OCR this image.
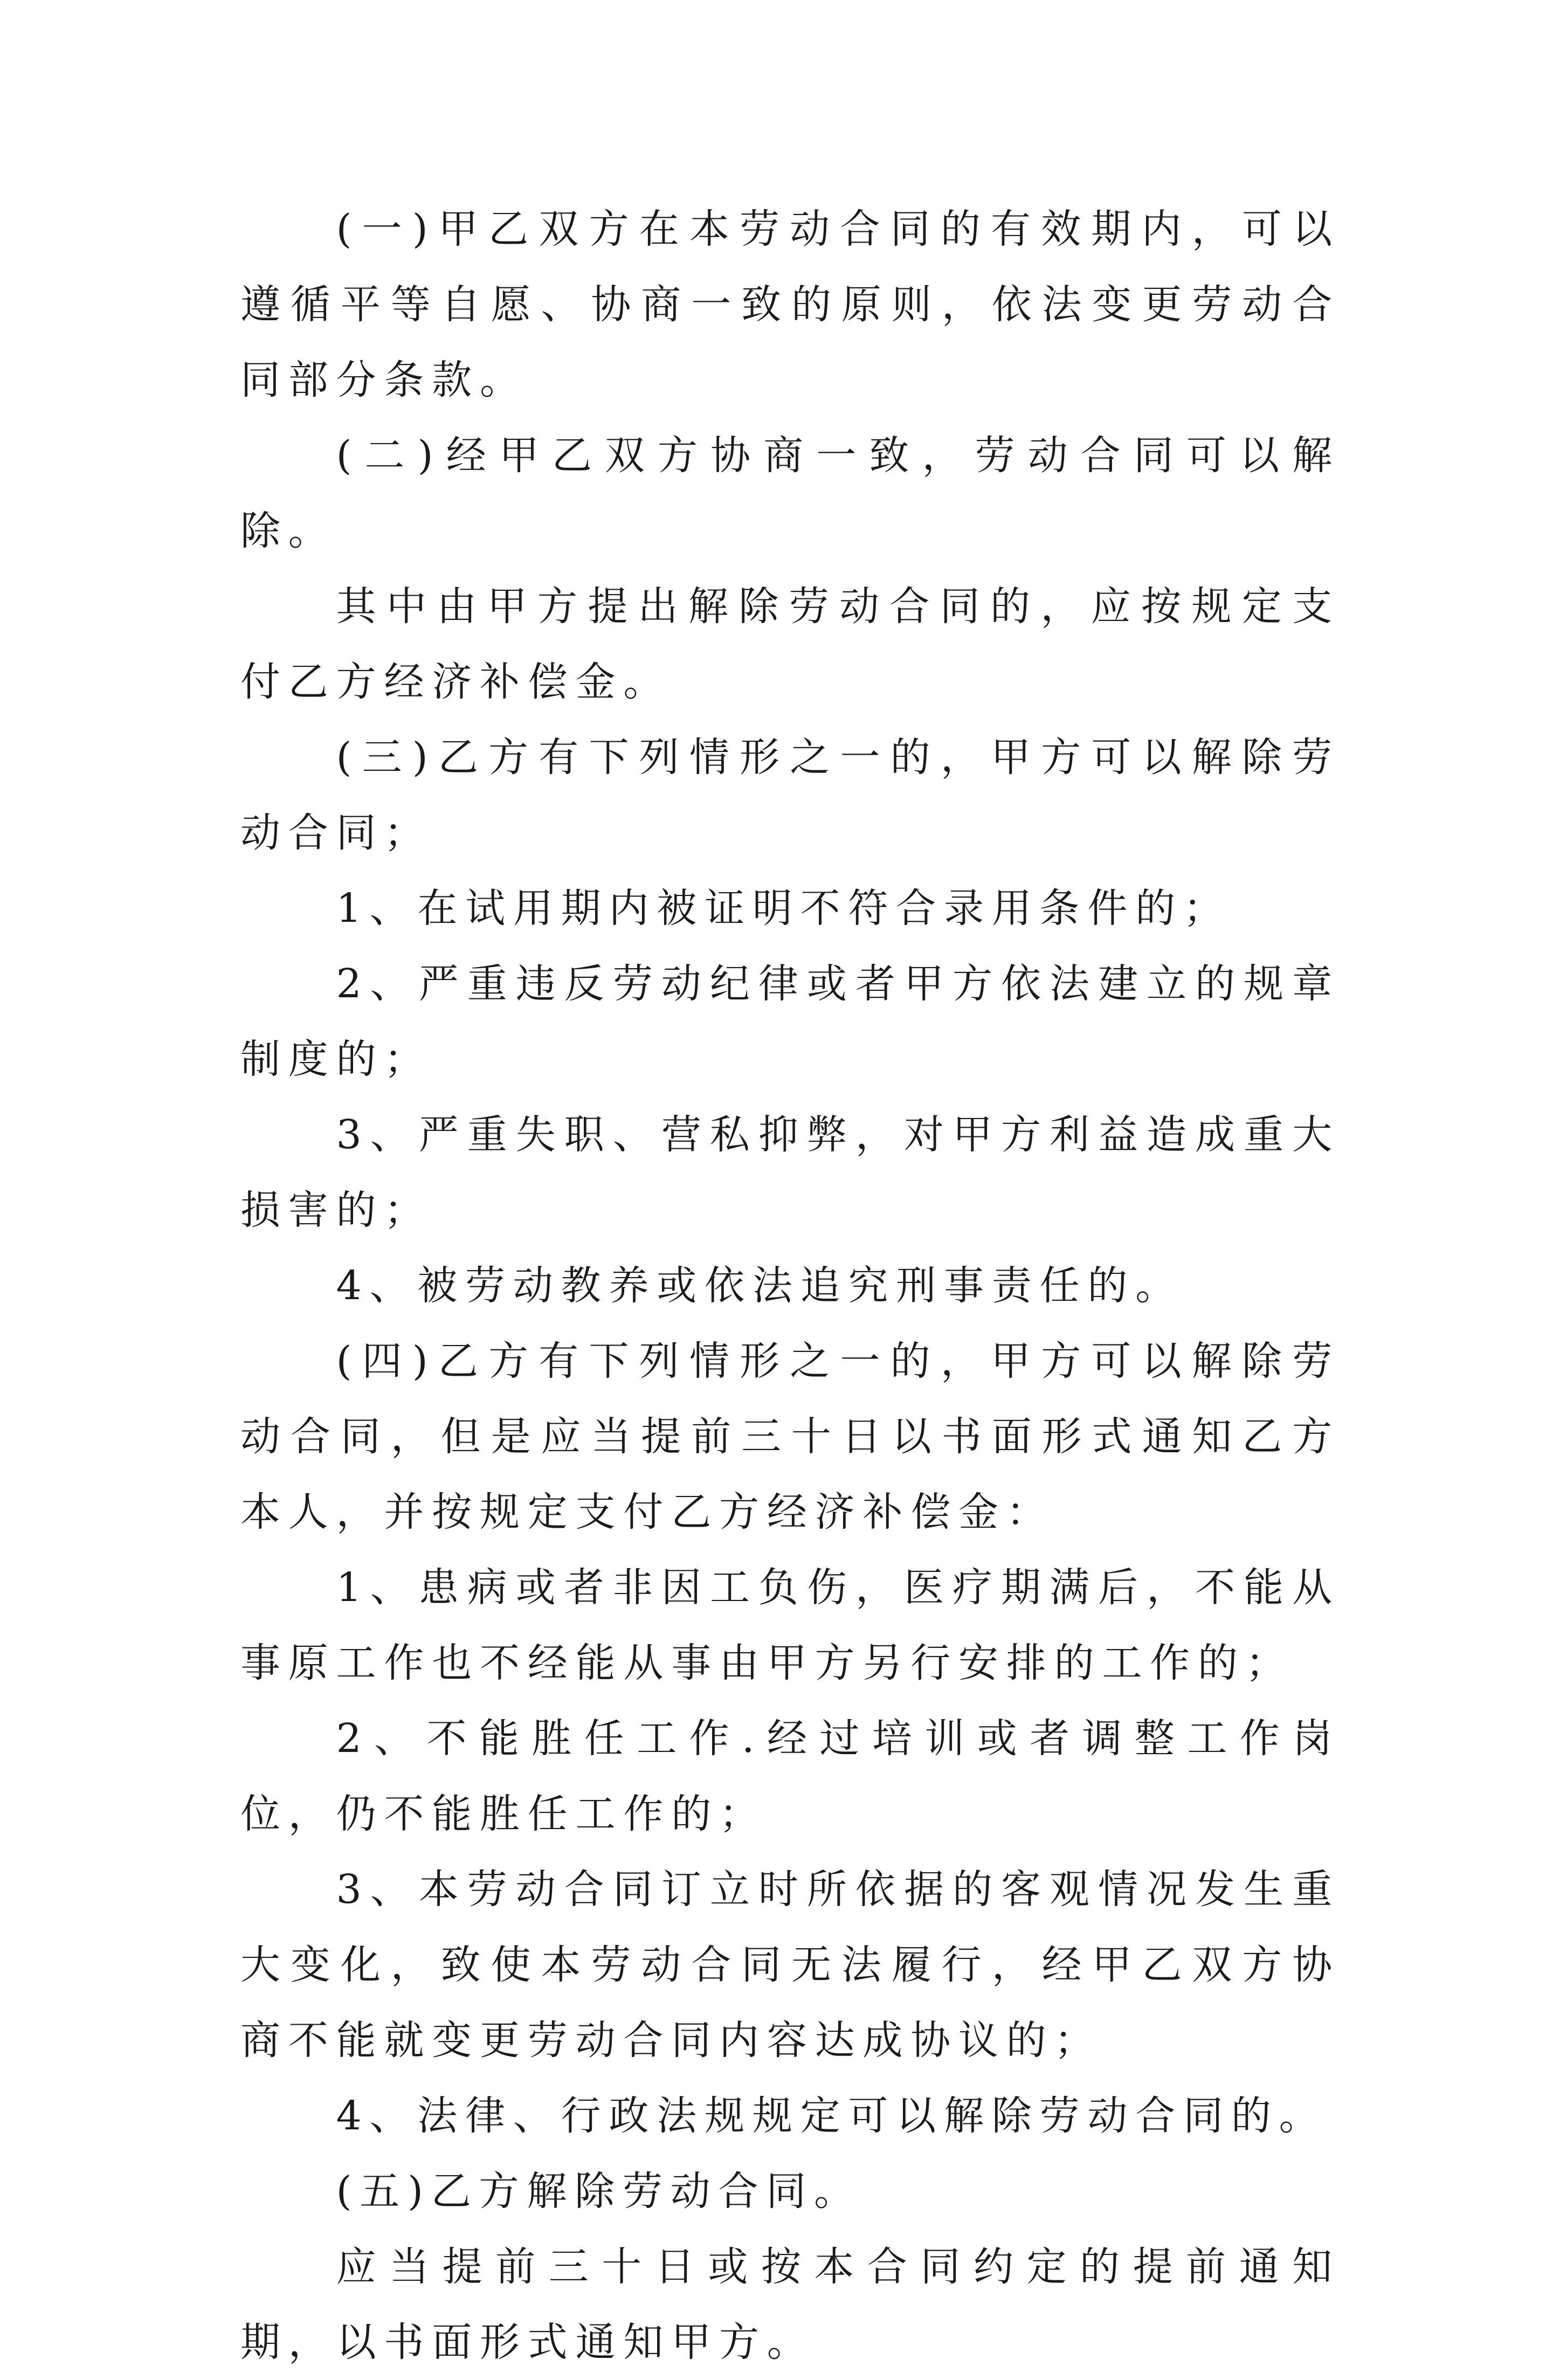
(一)甲乙双方在本劳动合同的有效期内，可以遵循平等自愿、协商一致的原则，依法变更劳动合同部分条款。

(二)经甲乙双方协商一致，劳动合同可以解除。

其中由甲方提出解除劳动合同的，应按规定支付乙方经济补偿金。

(三)乙方有下列情形之一的，甲方可以解除劳动合同；

1、在试用期内被证明不符合录用条件的；

2、严重违反劳动纪律或者甲方依法建立的规章制度的；

3、严重失职、营私抑弊，对甲方利益造成重大损害的；

4、被劳动教养或依法追究刑事责任的。

(四)乙方有下列情形之一的，甲方可以解除劳动合同，但是应当提前三十日以书面形式通知乙方本人，并按规定支付乙方经济补偿金：

1、患病或者非因工负伤，医疗期满后，不能从事原工作也不经能从事由甲方另行安排的工作的；

2、不能胜任工作.经过培训或者调整工作岗位，仍不能胜任工作的；

3、本劳动合同订立时所依据的客观情况发生重大变化，致使本劳动合同无法履行，经甲乙双方协商不能就变更劳动合同内容达成协议的；

4、法律、行政法规规定可以解除劳动合同的。

(五)乙方解除劳动合同。

应当提前三十日或按本合同约定的提前通知期，以书面形式通知甲方。
